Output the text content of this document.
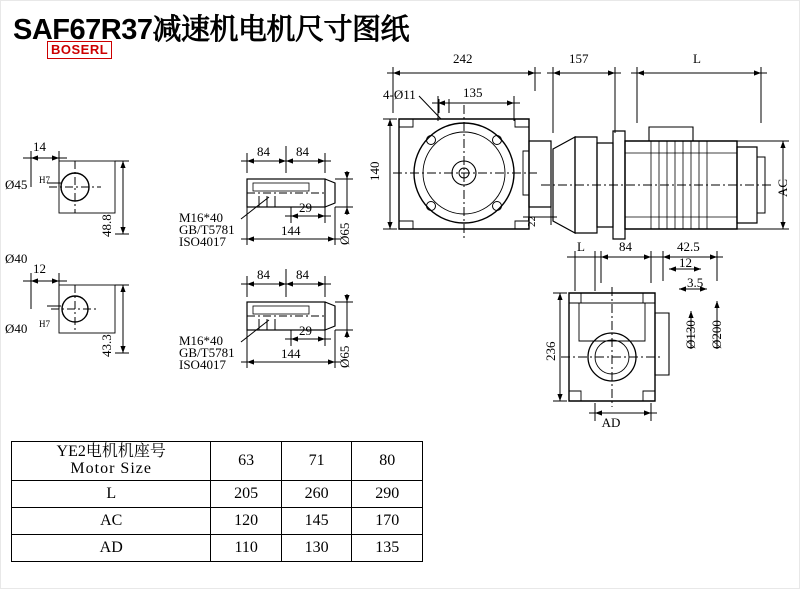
SAF67R37减速机电机尺寸图纸
BOSERL
14
Ø45 H7
48.8
Ø40
12
Ø40 H7
43.3
84 84
29
144	Ø65
M16*40
GB/T5781
ISO4017
84 84
29
144	Ø65
M16*40
GB/T5781
ISO4017
242
135
4-Ø11
140
22
157	L
AC
L	84	42.5
12
3.5
236
Ø130 Ø200
AD
YE2电机机座号
Motor Size	63	71	80
L	205	260	290
AC	120	145	170
AD	110	130	135
